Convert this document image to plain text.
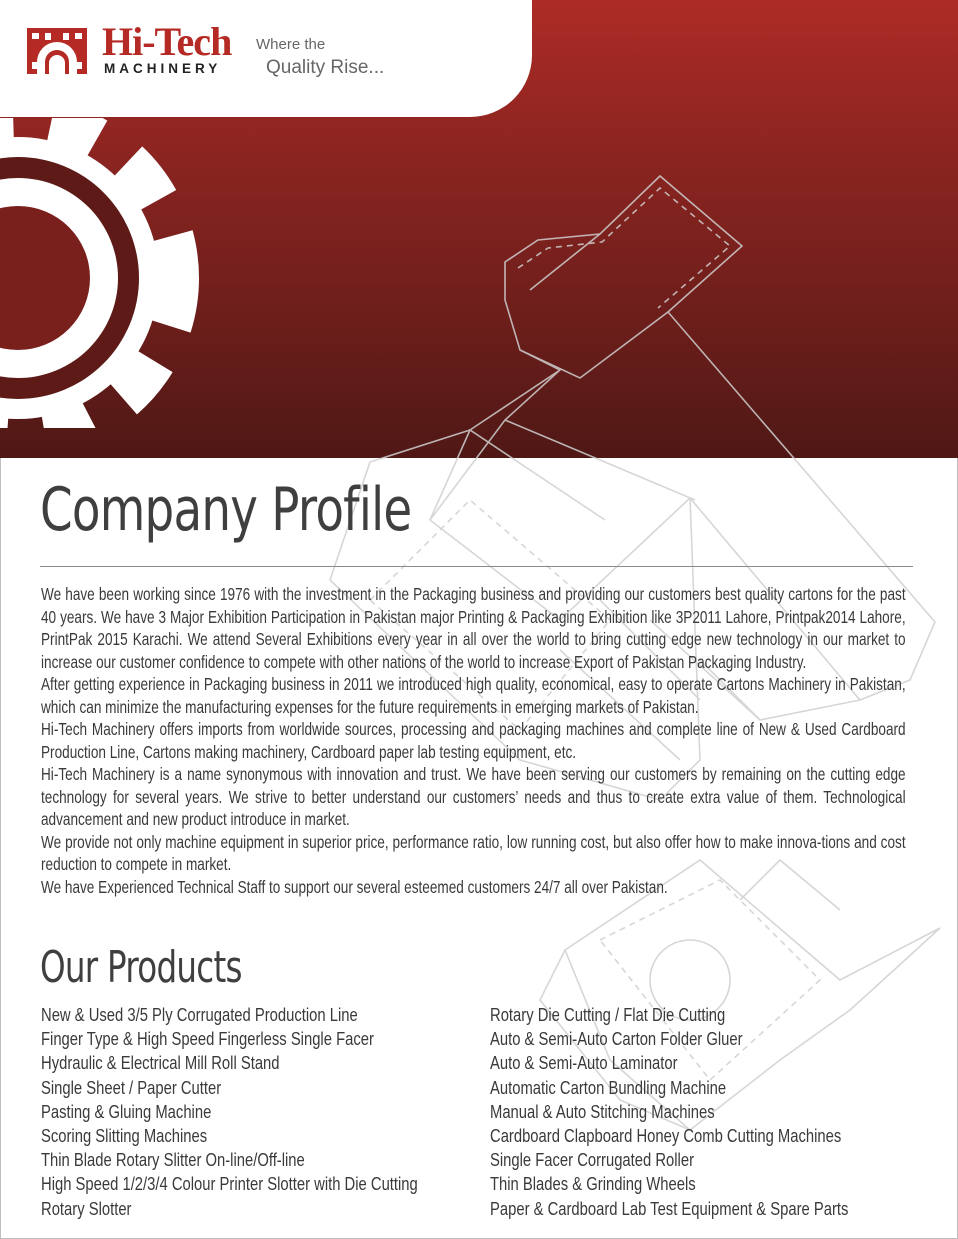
Hi-Tech
MACHINERY
Where the
Quality Rise...
Company Profile

We have been working since 1976 with the investment in the Packaging business and providing our customers best quality cartons for the past 40 years. We have 3 Major Exhibition Participation in Pakistan major Printing & Packaging Exhibition like 3P2011 Lahore, Printpak2014 Lahore, PrintPak 2015 Karachi. We attend Several Exhibitions every year in all over the world to bring cutting edge new technology in our market to increase our customer confidence to compete with other nations of the world to increase Export of Pakistan Packaging Industry.

After getting experience in Packaging business in 2011 we introduced high quality, economical, easy to operate Cartons Machinery in Pakistan, which can minimize the manufacturing expenses for the future requirements in emerging markets of Pakistan.

Hi-Tech Machinery offers imports from worldwide sources, processing and packaging machines and complete line of New & Used Cardboard Production Line, Cartons making machinery, Cardboard paper lab testing equipment, etc.

Hi-Tech Machinery is a name synonymous with innovation and trust. We have been serving our customers by remaining on the cutting edge technology for several years. We strive to better understand our customers’ needs and thus to create extra value of them. Technological advancement and new product introduce in market.

We provide not only machine equipment in superior price, performance ratio, low running cost, but also offer how to make innova-tions and cost reduction to compete in market.

We have Experienced Technical Staff to support our several esteemed customers 24/7 all over Pakistan.

Our Products
New & Used 3/5 Ply Corrugated Production Line
Finger Type & High Speed Fingerless Single Facer
Hydraulic & Electrical Mill Roll Stand
Single Sheet / Paper Cutter
Pasting & Gluing Machine
Scoring Slitting Machines
Thin Blade Rotary Slitter On-line/Off-line
High Speed 1/2/3/4 Colour Printer Slotter with Die Cutting
Rotary Slotter
Rotary Die Cutting / Flat Die Cutting
Auto & Semi-Auto Carton Folder Gluer
Auto & Semi-Auto Laminator
Automatic Carton Bundling Machine
Manual & Auto Stitching Machines
Cardboard Clapboard Honey Comb Cutting Machines
Single Facer Corrugated Roller
Thin Blades & Grinding Wheels
Paper & Cardboard Lab Test Equipment & Spare Parts
